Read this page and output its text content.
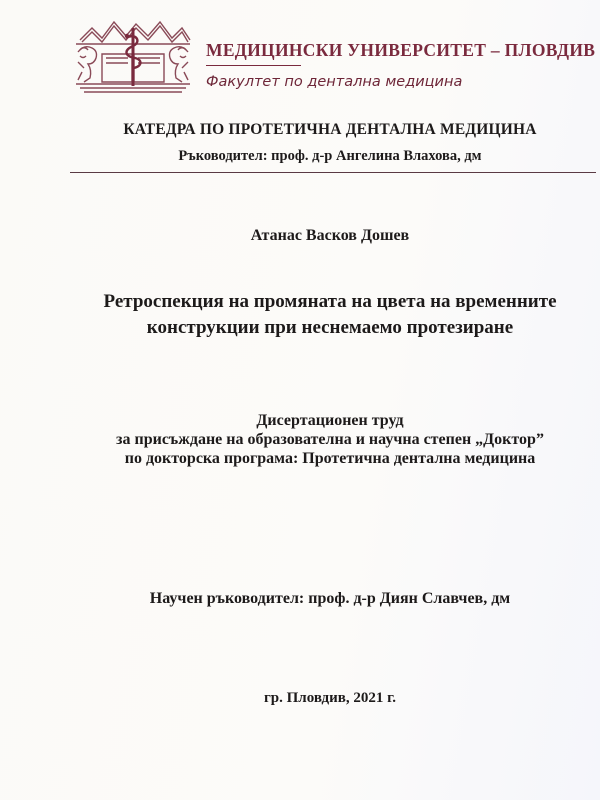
МЕДИЦИНСКИ УНИВЕРСИТЕТ – ПЛОВДИВ
Факултет по дентална медицина
КАТЕДРА ПО ПРОТЕТИЧНА ДЕНТАЛНА МЕДИЦИНА
Ръководител: проф. д-р Ангелина Влахова, дм
Атанас Васков Дошев
Ретроспекция на промяната на цвета на временните
конструкции при неснемаемо протезиране
Дисертационен труд
за присъждане на образователна и научна степен „Доктор”
по докторска програма: Протетична дентална медицина
Научен ръководител: проф. д-р Диян Славчев, дм
гр. Пловдив, 2021 г.
